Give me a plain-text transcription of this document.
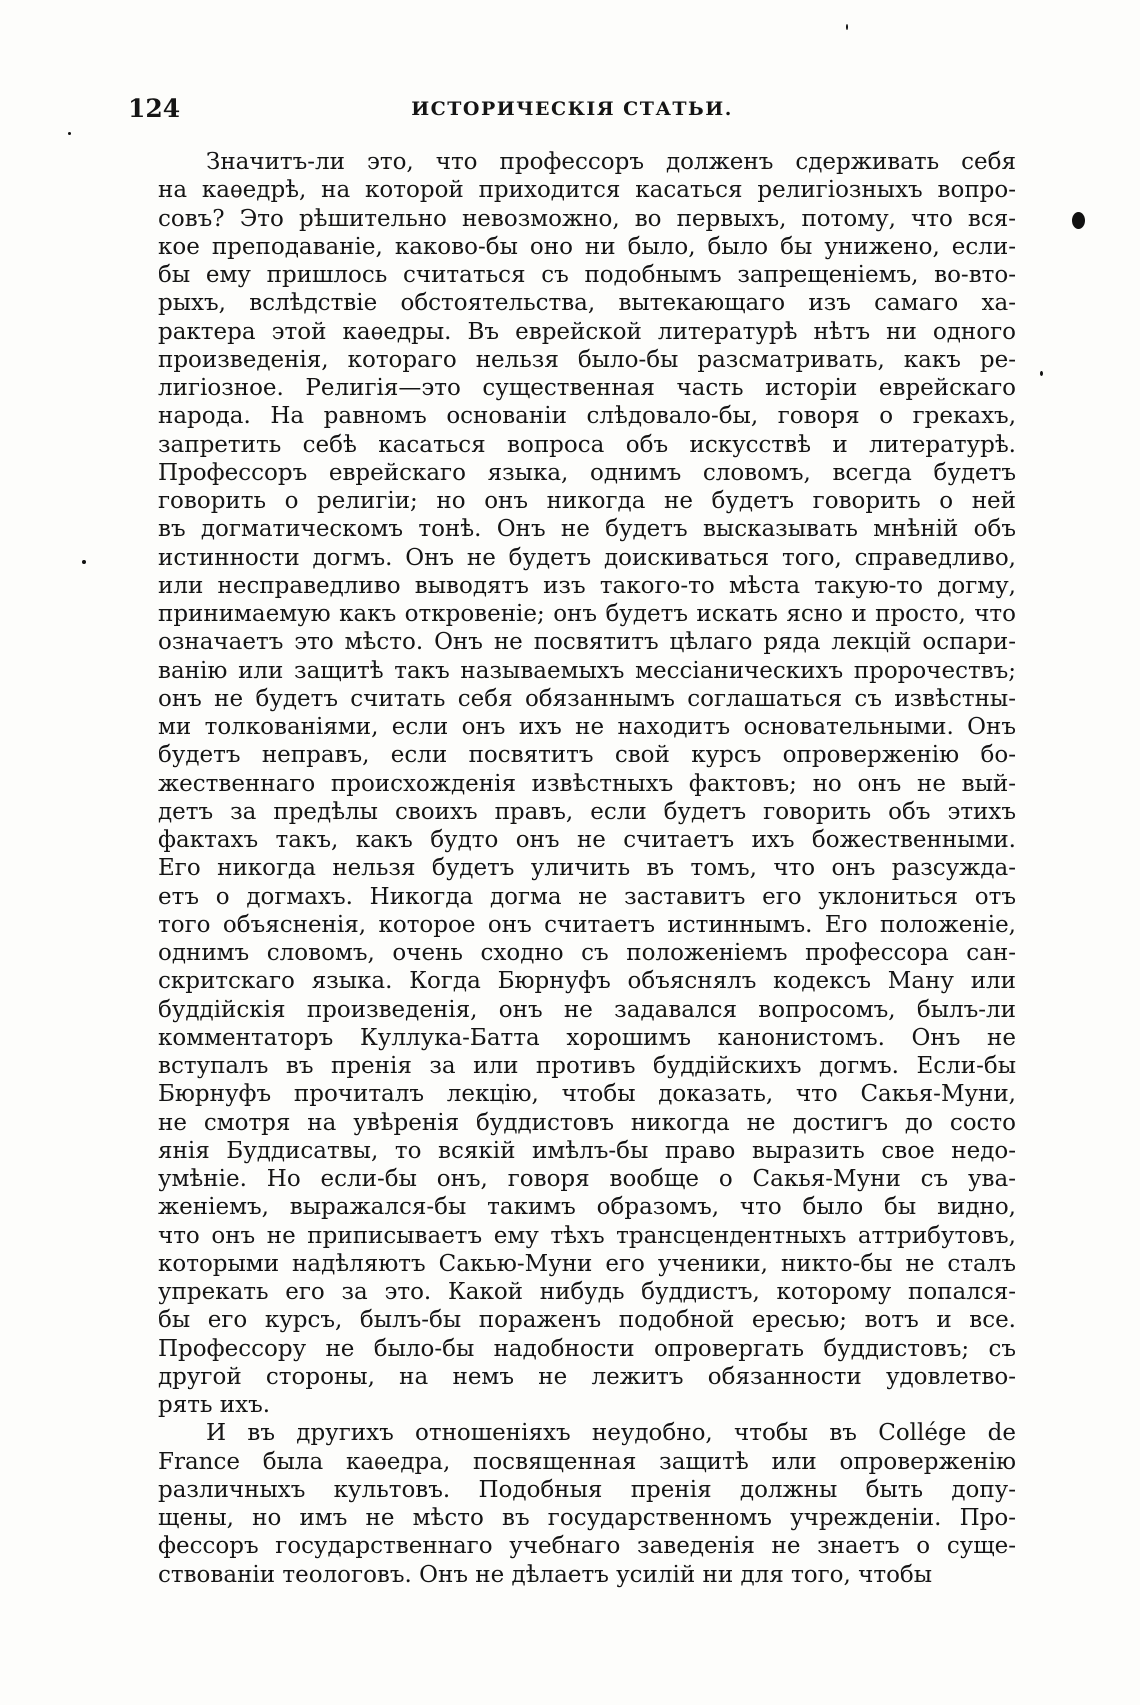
124	ИСТОРИЧЕСКІЯ СТАТЬИ.
Значитъ-ли это, что профессоръ долженъ сдерживать себя
на каѳедрѣ, на которой приходится касаться религіозныхъ вопро-
совъ? Это рѣшительно невозможно, во первыхъ, потому, что вся-
кое преподаваніе, каково-бы оно ни было, было бы унижено, если-
бы ему пришлось считаться съ подобнымъ запрещеніемъ, во-вто-
рыхъ, вслѣдствіе обстоятельства, вытекающаго изъ самаго ха-
рактера этой каѳедры. Въ еврейской литературѣ нѣтъ ни одного
произведенія, котораго нельзя было-бы разсматривать, какъ ре-
лигіозное. Религія—это существенная часть исторіи еврейскаго
народа. На равномъ основаніи слѣдовало-бы, говоря о грекахъ,
запретить себѣ касаться вопроса объ искусствѣ и литературѣ.
Профессоръ еврейскаго языка, однимъ словомъ, всегда будетъ
говорить о религіи; но онъ никогда не будетъ говорить о ней
въ догматическомъ тонѣ. Онъ не будетъ высказывать мнѣній объ
истинности догмъ. Онъ не будетъ доискиваться того, справедливо,
или несправедливо выводятъ изъ такого-то мѣста такую-то догму,
принимаемую какъ откровеніе; онъ будетъ искать ясно и просто, что
означаетъ это мѣсто. Онъ не посвятитъ цѣлаго ряда лекцій оспари-
ванію или защитѣ такъ называемыхъ мессіаническихъ пророчествъ;
онъ не будетъ считать себя обязаннымъ соглашаться съ извѣстны-
ми толкованіями, если онъ ихъ не находитъ основательными. Онъ
будетъ неправъ, если посвятитъ свой курсъ опроверженію бо-
жественнаго происхожденія извѣстныхъ фактовъ; но онъ не вый-
детъ за предѣлы своихъ правъ, если будетъ говорить объ этихъ
фактахъ такъ, какъ будто онъ не считаетъ ихъ божественными.
Его никогда нельзя будетъ уличить въ томъ, что онъ разсужда-
етъ о догмахъ. Никогда догма не заставитъ его уклониться отъ
того объясненія, которое онъ считаетъ истиннымъ. Его положеніе,
однимъ словомъ, очень сходно съ положеніемъ профессора сан-
скритскаго языка. Когда Бюрнуфъ объяснялъ кодексъ Ману или
буддійскія произведенія, онъ не задавался вопросомъ, былъ-ли
комментаторъ Куллука-Батта хорошимъ канонистомъ. Онъ не
вступалъ въ пренія за или противъ буддійскихъ догмъ. Если-бы
Бюрнуфъ прочиталъ лекцію, чтобы доказать, что Сакья-Муни,
не смотря на увѣренія буддистовъ никогда не достигъ до состо
янія Буддисатвы, то всякій имѣлъ-бы право выразить свое недо-
умѣніе. Но если-бы онъ, говоря вообще о Сакья-Муни съ ува-
женіемъ, выражался-бы такимъ образомъ, что было бы видно,
что онъ не приписываетъ ему тѣхъ трансцендентныхъ аттрибутовъ,
которыми надѣляютъ Сакью-Муни его ученики, никто-бы не сталъ
упрекать его за это. Какой нибудь буддистъ, которому попался-
бы его курсъ, былъ-бы пораженъ подобной ересью; вотъ и все.
Профессору не было-бы надобности опровергать буддистовъ; съ
другой стороны, на немъ не лежитъ обязанности удовлетво-
рять ихъ.
И въ другихъ отношеніяхъ неудобно, чтобы въ Collége de
France была каѳедра, посвященная защитѣ или опроверженію
различныхъ культовъ. Подобныя пренія должны быть допу-
щены, но имъ не мѣсто въ государственномъ учрежденіи. Про-
фессоръ государственнаго учебнаго заведенія не знаетъ о суще-
ствованіи теологовъ. Онъ не дѣлаетъ усилій ни для того, чтобы
